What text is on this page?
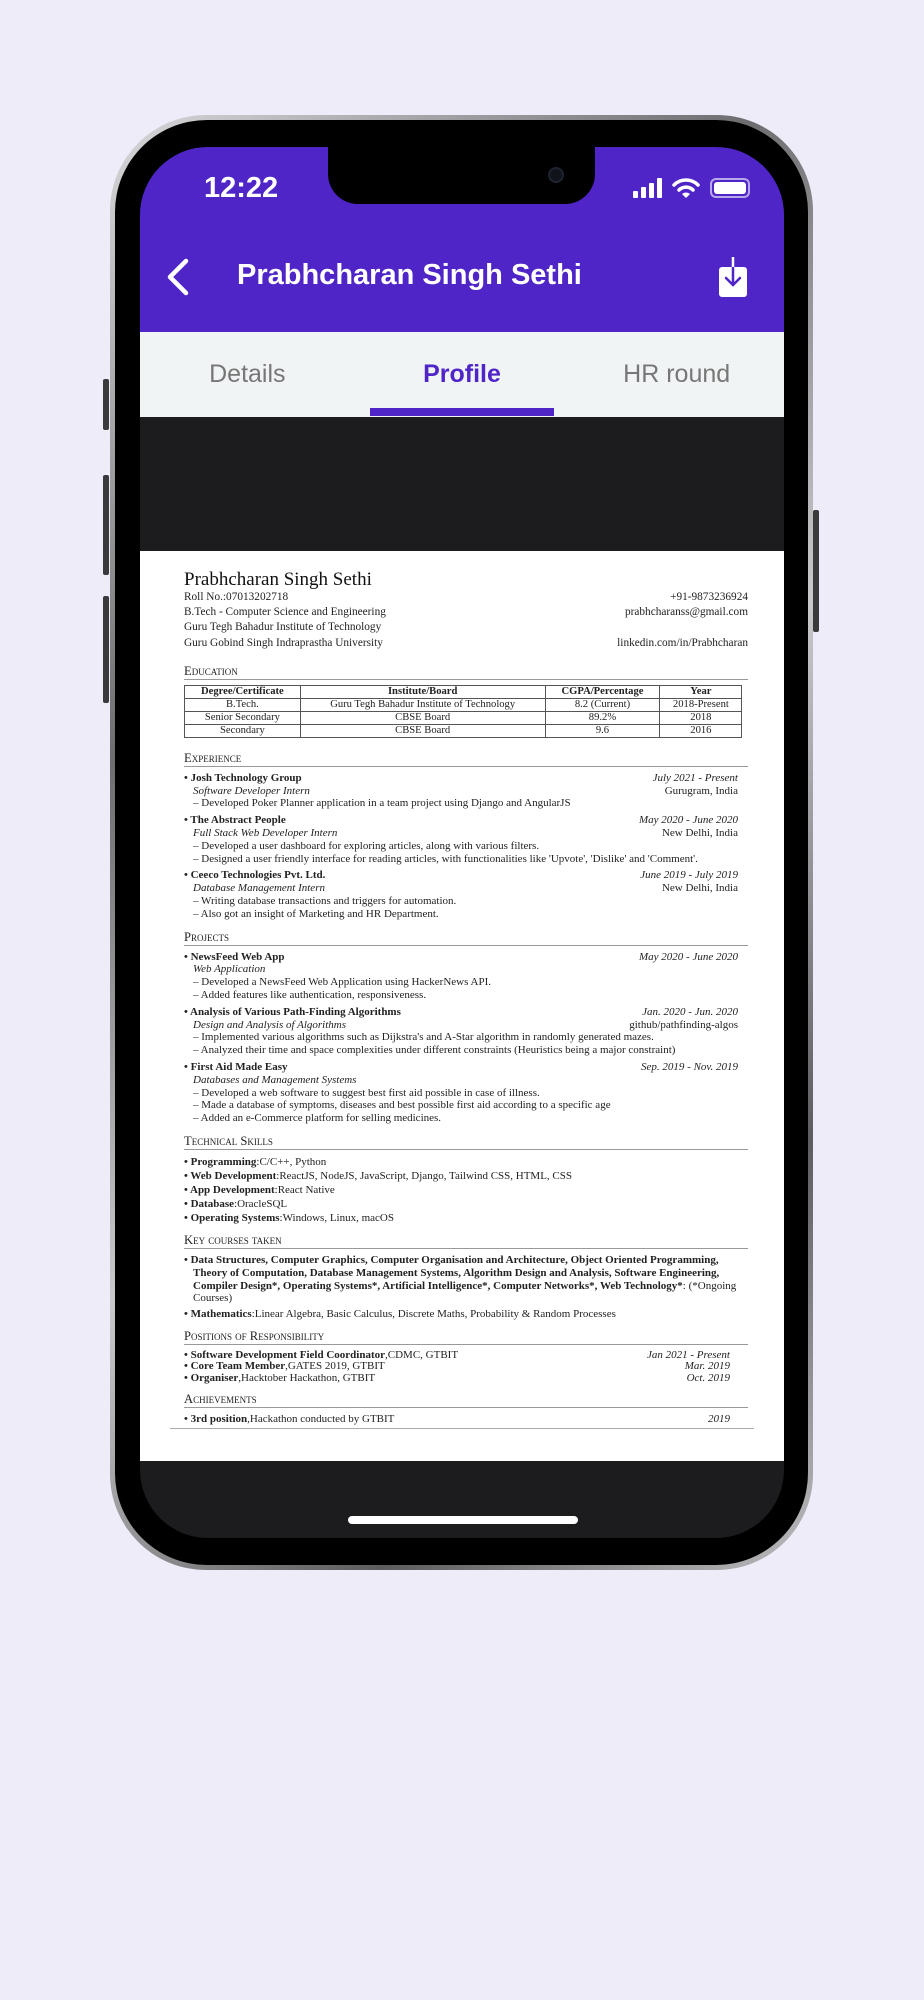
12:22
Prabhcharan Singh Sethi
Details	Profile	HR round
Prabhcharan Singh Sethi
Roll No.:07013202718	+91-9873236924
B.Tech - Computer Science and Engineering	prabhcharanss@gmail.com
Guru Tegh Bahadur Institute of Technology
Guru Gobind Singh Indraprastha University	linkedin.com/in/Prabhcharan
Education
Degree/Certificate	Institute/Board	CGPA/Percentage	Year
B.Tech.	Guru Tegh Bahadur Institute of Technology	8.2 (Current)	2018-Present
Senior Secondary	CBSE Board	89.2%	2018
Secondary	CBSE Board	9.6	2016
Experience
• Josh Technology Group	July 2021 - Present
Software Developer Intern	Gurugram, India
– Developed Poker Planner application in a team project using Django and AngularJS
• The Abstract People	May 2020 - June 2020
Full Stack Web Developer Intern	New Delhi, India
– Developed a user dashboard for exploring articles, along with various filters.
– Designed a user friendly interface for reading articles, with functionalities like 'Upvote', 'Dislike' and 'Comment'.
• Ceeco Technologies Pvt. Ltd.	June 2019 - July 2019
Database Management Intern	New Delhi, India
– Writing database transactions and triggers for automation.
– Also got an insight of Marketing and HR Department.
Projects
• NewsFeed Web App	May 2020 - June 2020
Web Application
– Developed a NewsFeed Web Application using HackerNews API.
– Added features like authentication, responsiveness.
• Analysis of Various Path-Finding Algorithms	Jan. 2020 - Jun. 2020
Design and Analysis of Algorithms	github/pathfinding-algos
– Implemented various algorithms such as Dijkstra's and A-Star algorithm in randomly generated mazes.
– Analyzed their time and space complexities under different constraints (Heuristics being a major constraint)
• First Aid Made Easy	Sep. 2019 - Nov. 2019
Databases and Management Systems
– Developed a web software to suggest best first aid possible in case of illness.
– Made a database of symptoms, diseases and best possible first aid according to a specific age
– Added an e-Commerce platform for selling medicines.
Technical Skills
• Programming:C/C++, Python
• Web Development:ReactJS, NodeJS, JavaScript, Django, Tailwind CSS, HTML, CSS
• App Development:React Native
• Database:OracleSQL
• Operating Systems:Windows, Linux, macOS
Key courses taken
• Data Structures, Computer Graphics, Computer Organisation and Architecture, Object Oriented Programming, Theory of Computation, Database Management Systems, Algorithm Design and Analysis, Software Engineering, Compiler Design*, Operating Systems*, Artificial Intelligence*, Computer Networks*, Web Technology*: (*Ongoing Courses)
• Mathematics:Linear Algebra, Basic Calculus, Discrete Maths, Probability & Random Processes
Positions of Responsibility
• Software Development Field Coordinator,CDMC, GTBIT	Jan 2021 - Present
• Core Team Member,GATES 2019, GTBIT	Mar. 2019
• Organiser,Hacktober Hackathon, GTBIT	Oct. 2019
Achievements
• 3rd position,Hackathon conducted by GTBIT	2019
